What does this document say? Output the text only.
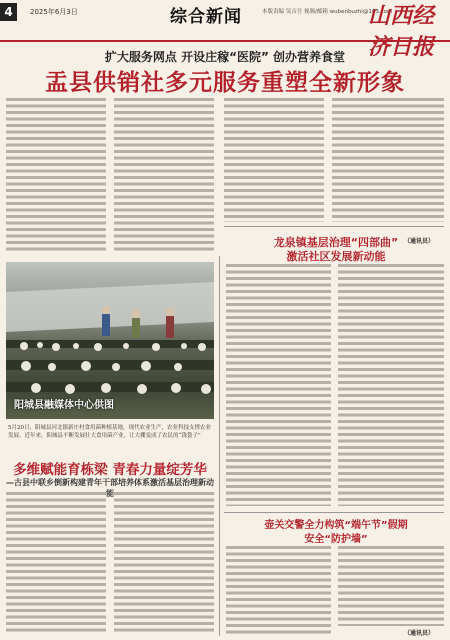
4	2025年6月3日	综合新闻	本版责编 吴吉吾 视频/邮箱 wubenbuzhi@163.com
山西经济日报
扩大服务网点 开设庄稼“医院” 创办营养食堂
盂县供销社多元服务重塑全新形象
（通讯员）
阳城县融媒体中心供图
5月20日，阳城县河北镇新庄村食用菌种植基地，现代农业生产，农业科技支撑农业发展。近年来，阳城县不断发展壮大食用菌产业，让大棚变成了农民的“钱袋子”
多维赋能育栋梁 青春力量绽芳华
—古县中联乡倒新构建青年干部培养体系激活基层治理新动能
龙泉镇基层治理“四部曲”
激活社区发展新动能
壶关交警全力构筑“端午节”假期
安全“防护墙”
（通讯员）
